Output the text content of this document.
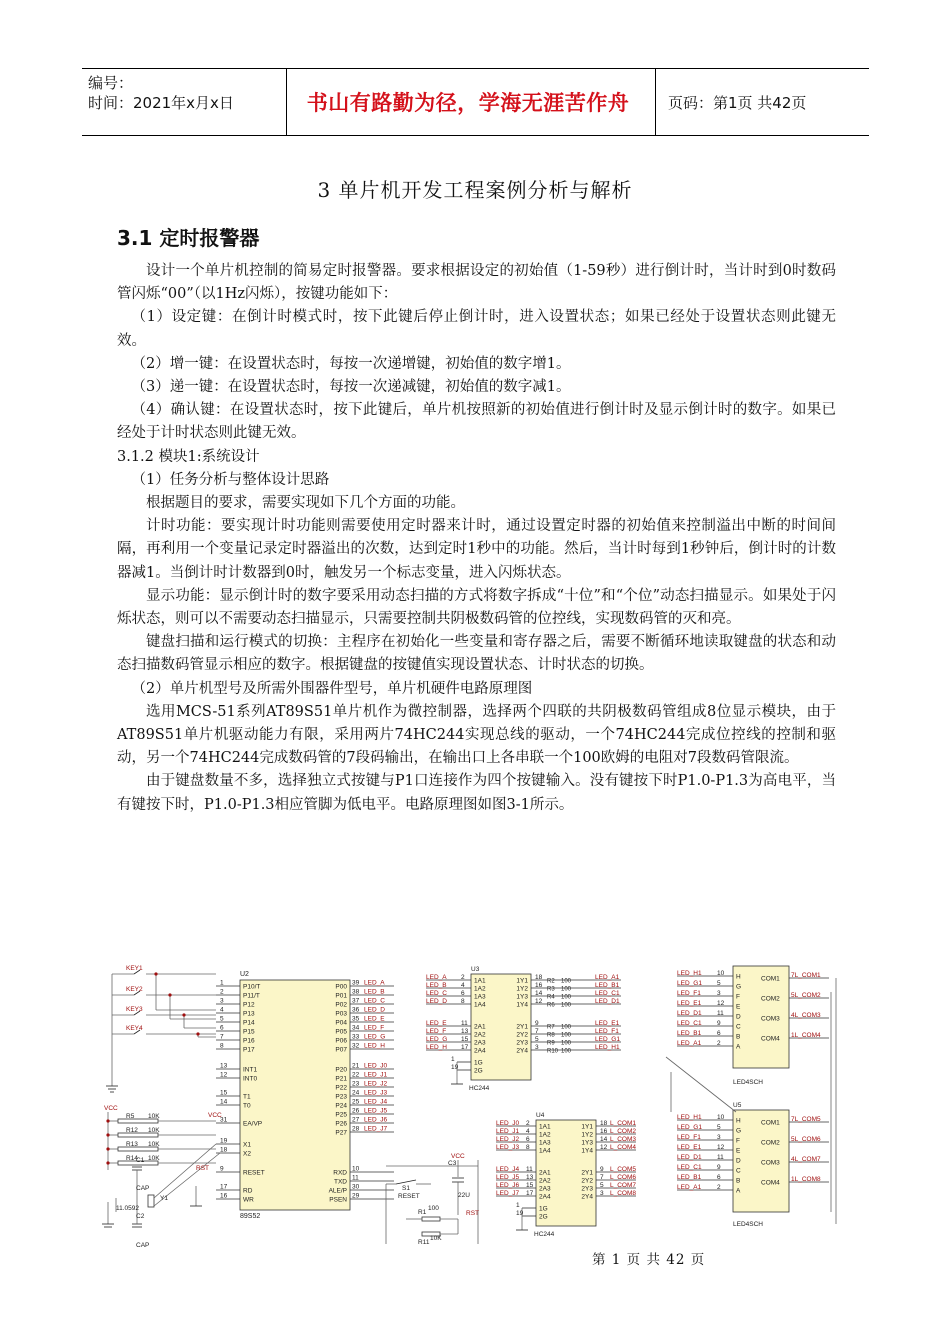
编号：
时间：2021年x月x日	书山有路勤为径，学海无涯苦作舟	页码：第1页 共42页
3 单片机开发工程案例分析与解析
3.1 定时报警器

设计一个单片机控制的简易定时报警器。要求根据设定的初始值（1-59秒）进行倒计时，当计时到0时数码管闪烁“00”（以1Hz闪烁），按键功能如下：

（1）设定键：在倒计时模式时，按下此键后停止倒计时，进入设置状态；如果已经处于设置状态则此键无效。

（2）增一键：在设置状态时，每按一次递增键，初始值的数字增1。

（3）递一键：在设置状态时，每按一次递减键，初始值的数字减1。

（4）确认键：在设置状态时，按下此键后，单片机按照新的初始值进行倒计时及显示倒计时的数字。如果已经处于计时状态则此键无效。

3.1.2 模块1:系统设计

（1）任务分析与整体设计思路

根据题目的要求，需要实现如下几个方面的功能。

计时功能：要实现计时功能则需要使用定时器来计时，通过设置定时器的初始值来控制溢出中断的时间间隔，再利用一个变量记录定时器溢出的次数，达到定时1秒中的功能。然后，当计时每到1秒钟后，倒计时的计数器减1。当倒计时计数器到0时，触发另一个标志变量，进入闪烁状态。

显示功能：显示倒计时的数字要采用动态扫描的方式将数字拆成“十位”和“个位”动态扫描显示。如果处于闪烁状态，则可以不需要动态扫描显示，只需要控制共阴极数码管的位控线，实现数码管的灭和亮。

键盘扫描和运行模式的切换：主程序在初始化一些变量和寄存器之后，需要不断循环地读取键盘的状态和动态扫描数码管显示相应的数字。根据键盘的按键值实现设置状态、计时状态的切换。

（2）单片机型号及所需外围器件型号，单片机硬件电路原理图

选用MCS-51系列AT89S51单片机作为微控制器，选择两个四联的共阴极数码管组成8位显示模块，由于AT89S51单片机驱动能力有限，采用两片74HC244实现总线的驱动，一个74HC244完成位控线的控制和驱动，另一个74HC244完成数码管的7段码输出，在输出口上各串联一个100欧姆的电阻对7段数码管限流。

由于键盘数量不多，选择独立式按键与P1口连接作为四个按键输入。没有键按下时P1.0-P1.3为高电平，当有键按下时，P1.0-P1.3相应管脚为低电平。电路原理图如图3-1所示。

U2
89S52
1
P10/T
2
P11/T
3
P12
4
P13
5
P14
6
P15
7
P16
8
P17
13
INT1
12
INT0
15
T1
14
T0
31
EA/VP
19
X1
18
X2
9
RESET
17
RD
16
WR
P00
39 LED_A
P01
38 LED_B
P02
37 LED_C
P03
36 LED_D
P04
35 LED_E
P05
34 LED_F
P06
33 LED_G
P07
32 LED_H
P20
21 LED_J0
P21
22 LED_J1
P22
23 LED_J2
P23
24 LED_J3
P24
25 LED_J4
P25
26 LED_J5
P26
27 LED_J6
P27
28 LED_J7
RXD
10
TXD
11
ALE/P
30
PSEN
29
KEY1
KEY2
KEY3
KEY4
VCC
R5 10K
R12 10K
R13 10K
R14 10K
VCC
C1
CAP
C2
CAP
Y1
11.0592
RST
S1
RESET
C3
22U
VCC
RST
R1
100
R11
10K
U3
HC244
LED_A 2 1A1
LED_B 4 1A2
LED_C 6 1A3
LED_D 8 1A4
LED_E 11 2A1
LED_F 13 2A2
LED_G 15 2A3
LED_H 17 2A4
1Y1 18
R2 100
LED_A1
1Y2 16
R3 100
LED_B1
1Y3 14
R4 100
LED_C1
1Y4 12
R6 100
LED_D1
2Y1 9
R7 100
LED_E1
2Y2 7
R8 100
LED_F1
2Y3 5
R9 100
LED_G1
2Y4 3
R10 100
LED_H1
1	1G
19 2G
U4
HC244
LED_J0 2 1A1
LED_J1 4 1A2
LED_J2 6 1A3
LED_J3 8 1A4
LED_J4 11 2A1
LED_J5 13 2A2
LED_J6 15 2A3
LED_J7 17 2A4
1Y1 18 L_COM1
1Y2 16 L_COM2
1Y3 14 L_COM3
1Y4 12 L_COM4
2Y1 9 L_COM5
2Y2 7 L_COM6
2Y3 5 L_COM7
2Y4 3 L_COM8
1	1G
19 2G
LED_H1 10 H
LED_G1 5 G
LED_F1 3 F
LED_E1 12 E
LED_D1 11 D
LED_C1 9 C
LED_B1 6 B
LED_A1 2 A
COM1 7L_COM1
COM2 5L_COM2
COM3 4L_COM3
COM4 1L_COM4
LED4SCH
LED_H1 10 H
LED_G1 5 G
LED_F1 3 F
LED_E1 12 E
LED_D1 11 D
LED_C1 9 C
LED_B1 6 B
LED_A1 2 A
COM1 7L_COM5
COM2 5L_COM6
COM3 4L_COM7
COM4 1L_COM8
U5
LED4SCH
第 1 页 共 42 页
